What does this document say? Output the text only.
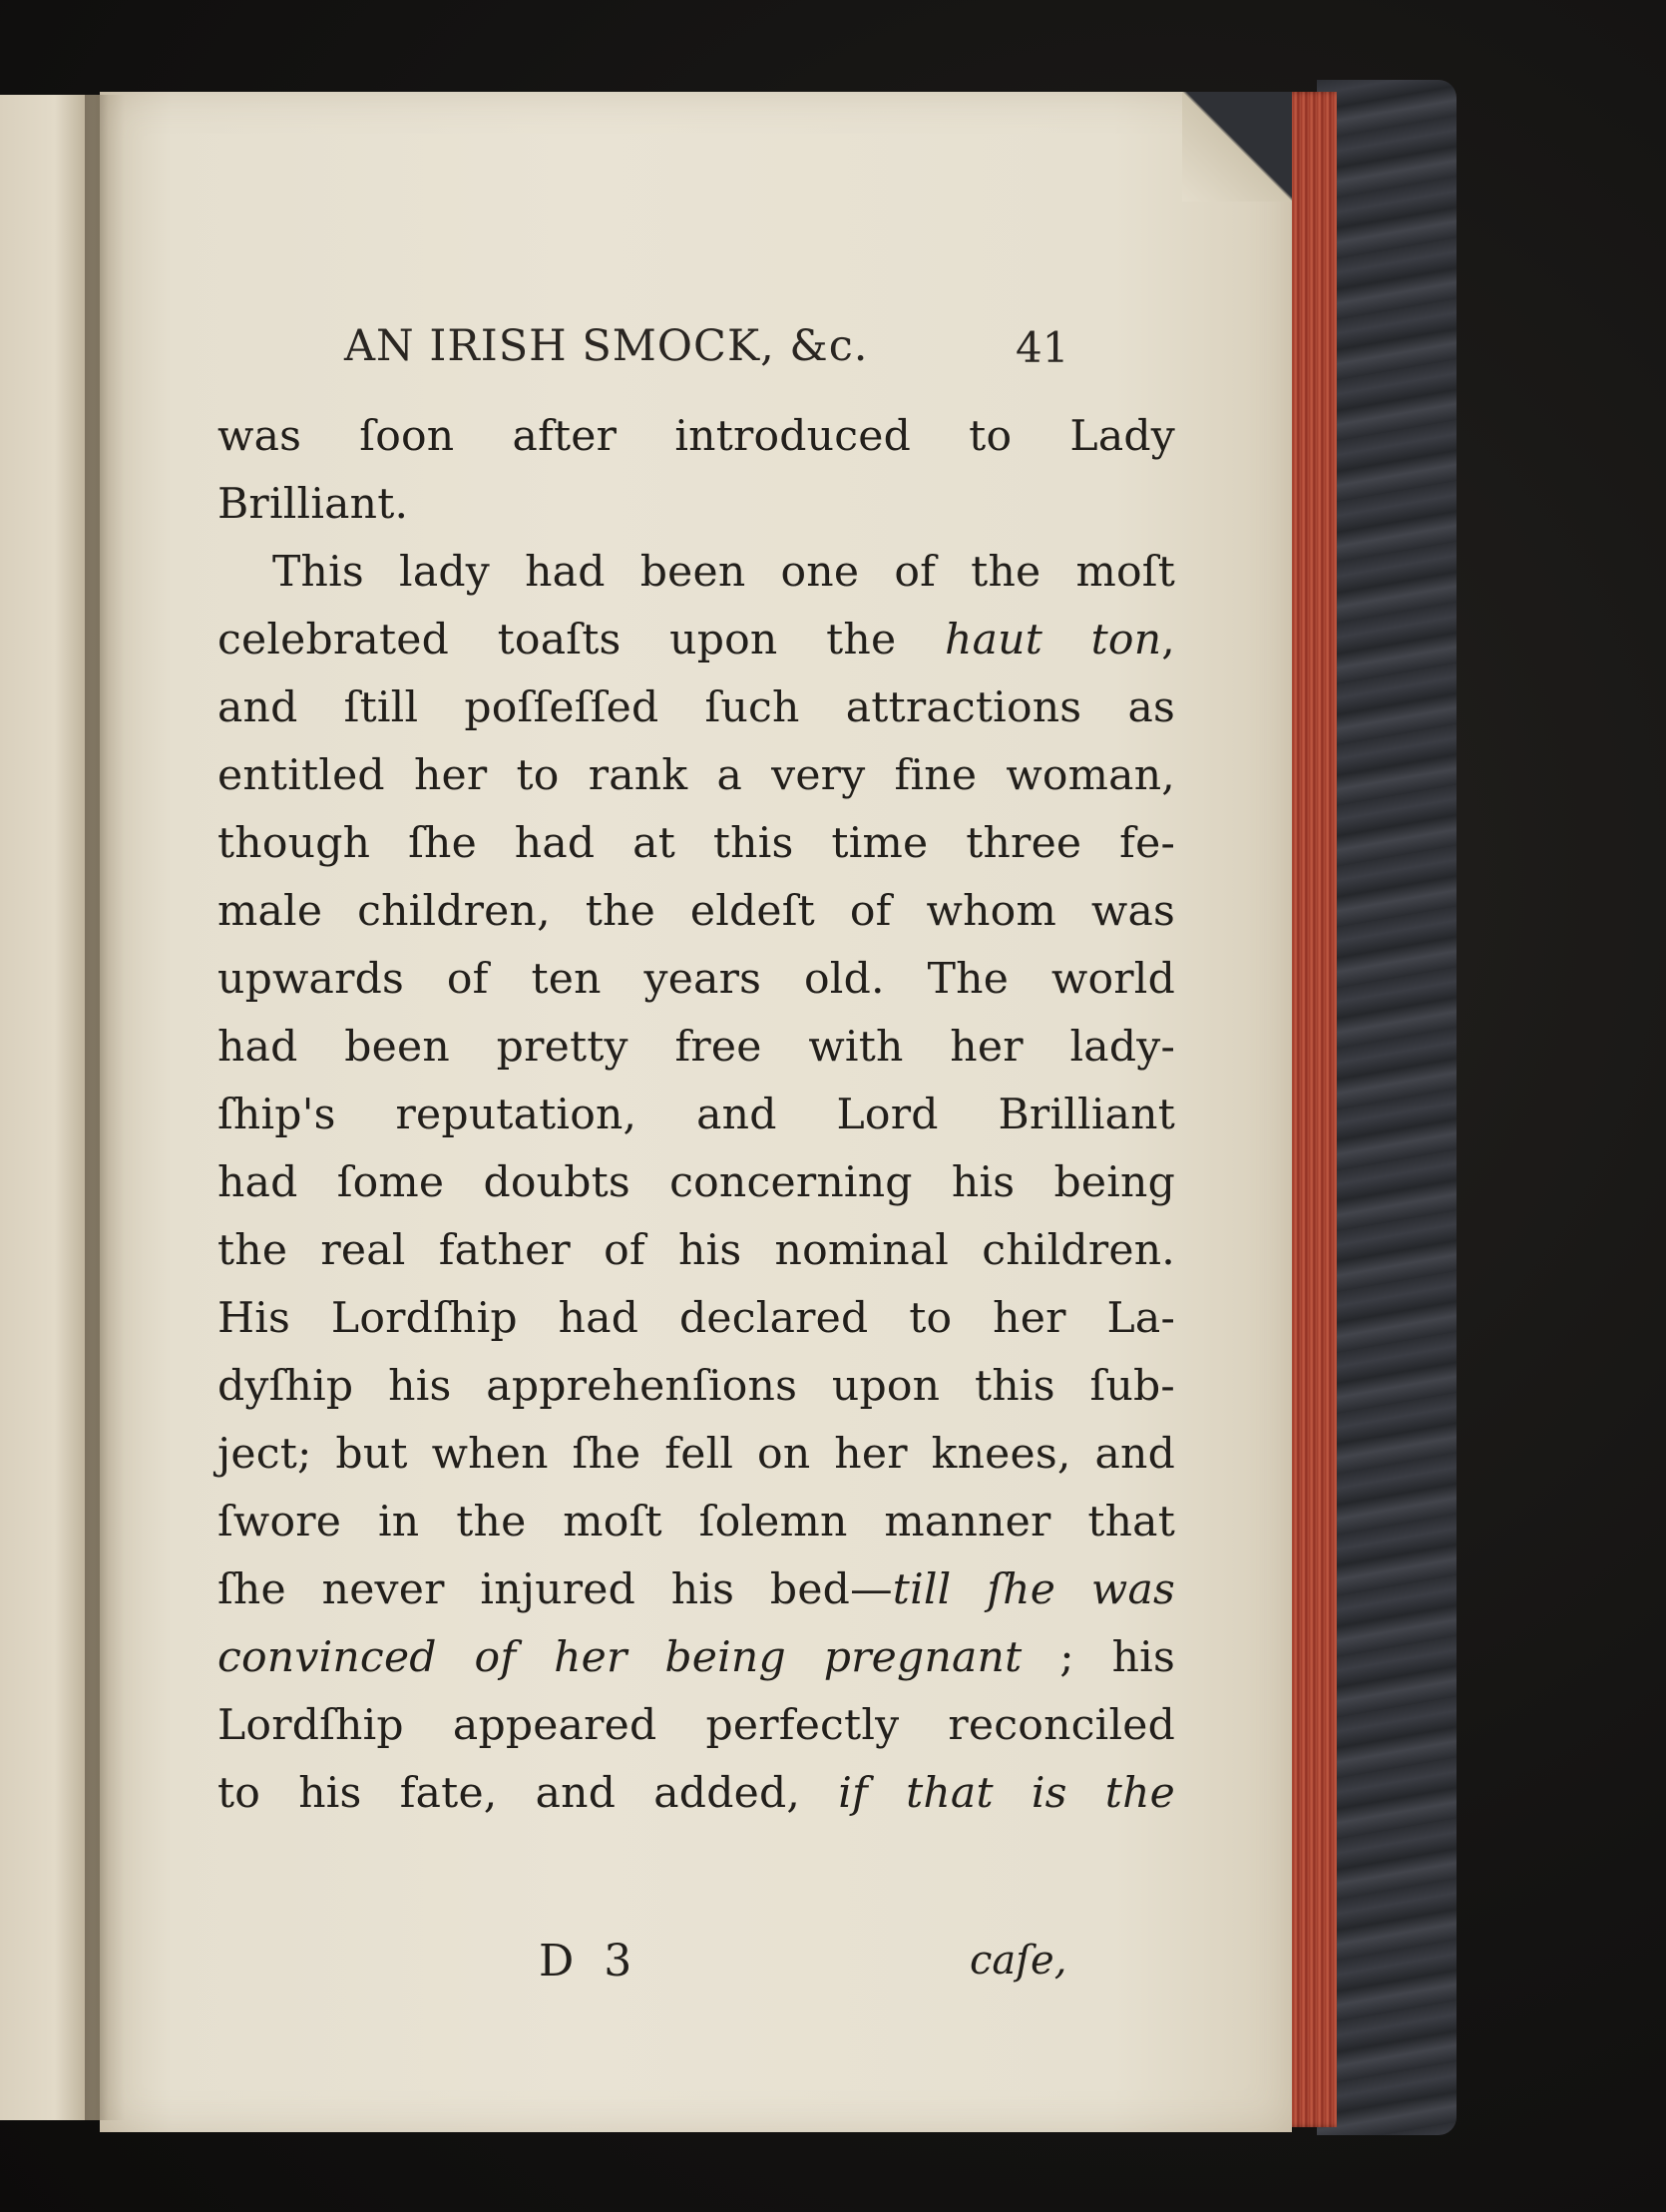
AN IRISH SMOCK, &c.	41
was ſoon after introduced to Lady
Brilliant.
This lady had been one of the moſt
celebrated toaſts upon the haut ton,
and ſtill poſſeſſed ſuch attractions as
entitled her to rank a very fine woman,
though ſhe had at this time three fe-
male children, the eldeſt of whom was
upwards of ten years old. The world
had been pretty free with her lady-
ſhip's reputation, and Lord Brilliant
had ſome doubts concerning his being
the real father of his nominal children.
His Lordſhip had declared to her La-
dyſhip his apprehenſions upon this ſub-
ject; but when ſhe fell on her knees, and
ſwore in the moſt ſolemn manner that
ſhe never injured his bed—till ſhe was
convinced of her being pregnant ; his
Lordſhip appeared perfectly reconciled
to his fate, and added, if that is the
D 3	caſe,
